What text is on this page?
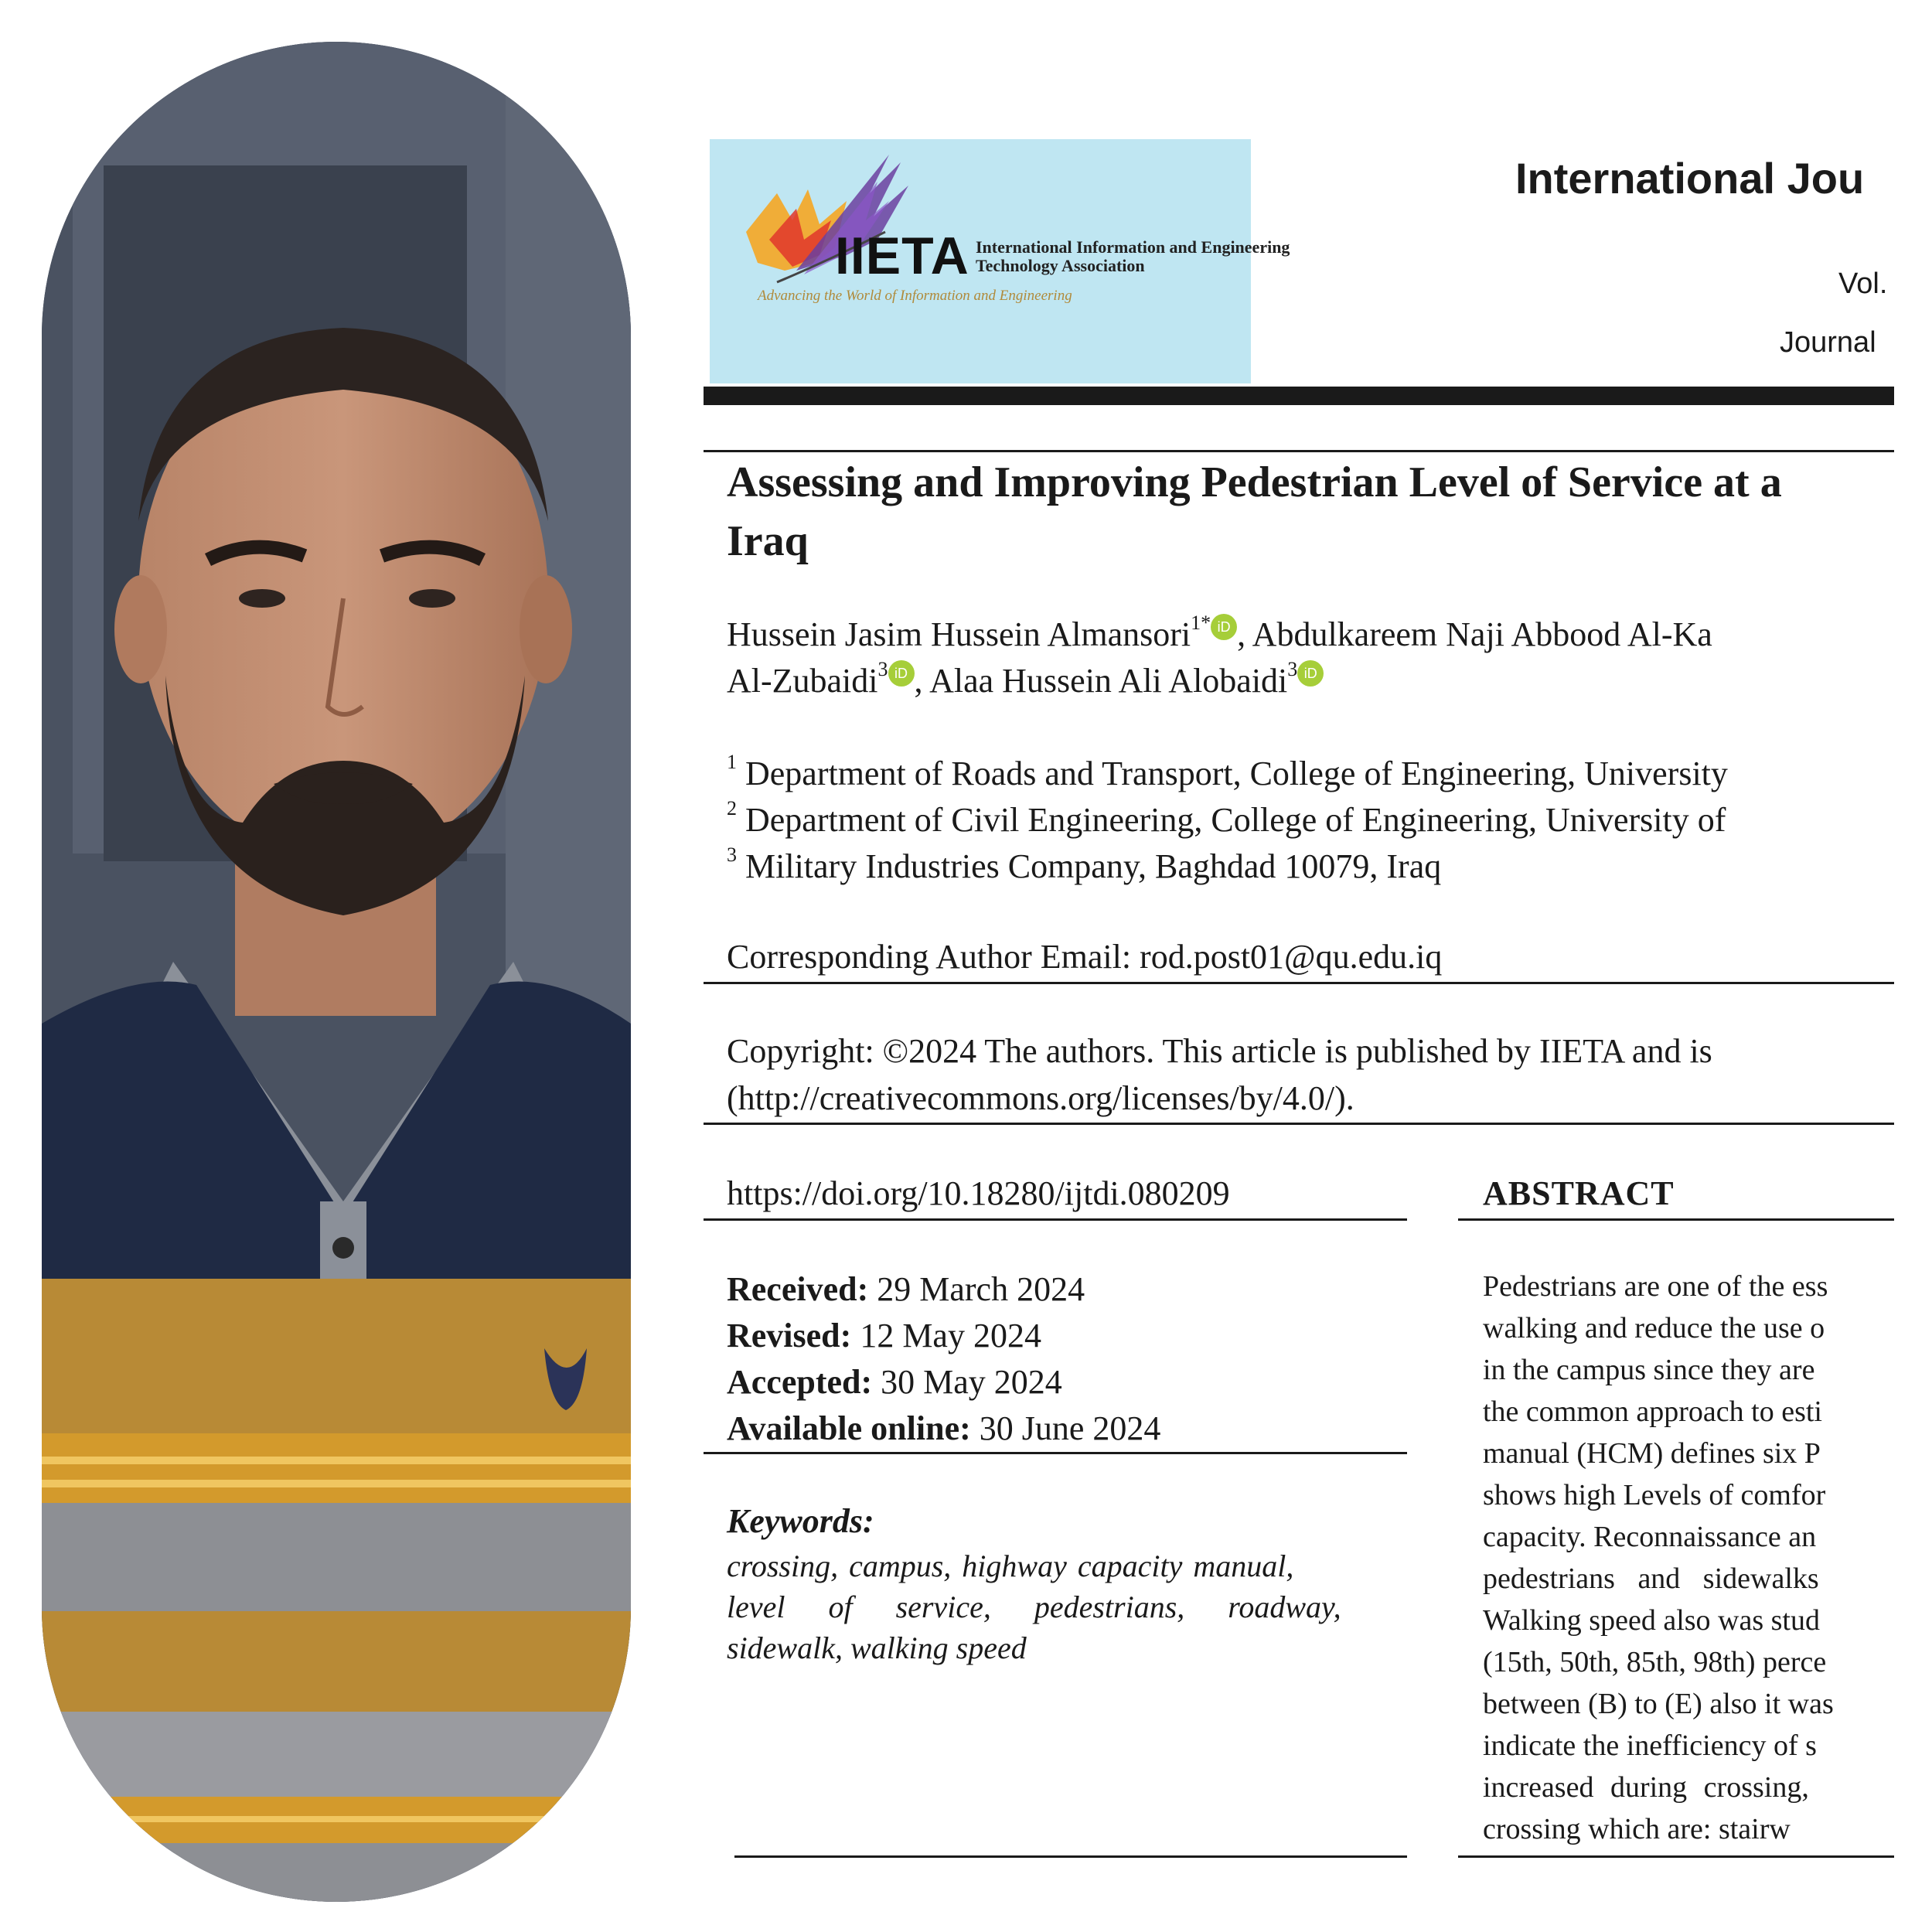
International Jou
Vol.
Journal
IIETA International Information and Engineering Technology Association
Advancing the World of Information and Engineering
Assessing and Improving Pedestrian Level of Service at a
Iraq
Hussein Jasim Hussein Almansori$^{1*}$ iD , Abdulkareem Naji Abbood Al-Ka
Al-Zubaidi$^3$ iD , Alaa Hussein Ali Alobaidi$^3$ iD
$^1$ Department of Roads and Transport, College of Engineering, University
$^2$ Department of Civil Engineering, College of Engineering, University of
$^3$ Military Industries Company, Baghdad 10079, Iraq
Corresponding Author Email: rod.post01@qu.edu.iq
Copyright: ©2024 The authors. This article is published by IIETA and is
(http://creativecommons.org/licenses/by/4.0/).
https://doi.org/10.18280/ijtdi.080209	ABSTRACT
Received: 29 March 2024
Revised: 12 May 2024
Accepted: 30 May 2024
Available online: 30 June 2024
Keywords:
crossing, campus, highway capacity manual,
level of service, pedestrians, roadway,
sidewalk, walking speed
Pedestrians are one of the ess
walking and reduce the use o
in the campus since they are
the common approach to esti
manual (HCM) defines six P
shows high Levels of comfor
capacity. Reconnaissance an
pedestrians and sidewalks
Walking speed also was stud
(15th, 50th, 85th, 98th) perce
between (B) to (E) also it was
indicate the inefficiency of s
increased during crossing,
crossing which are: stairw
